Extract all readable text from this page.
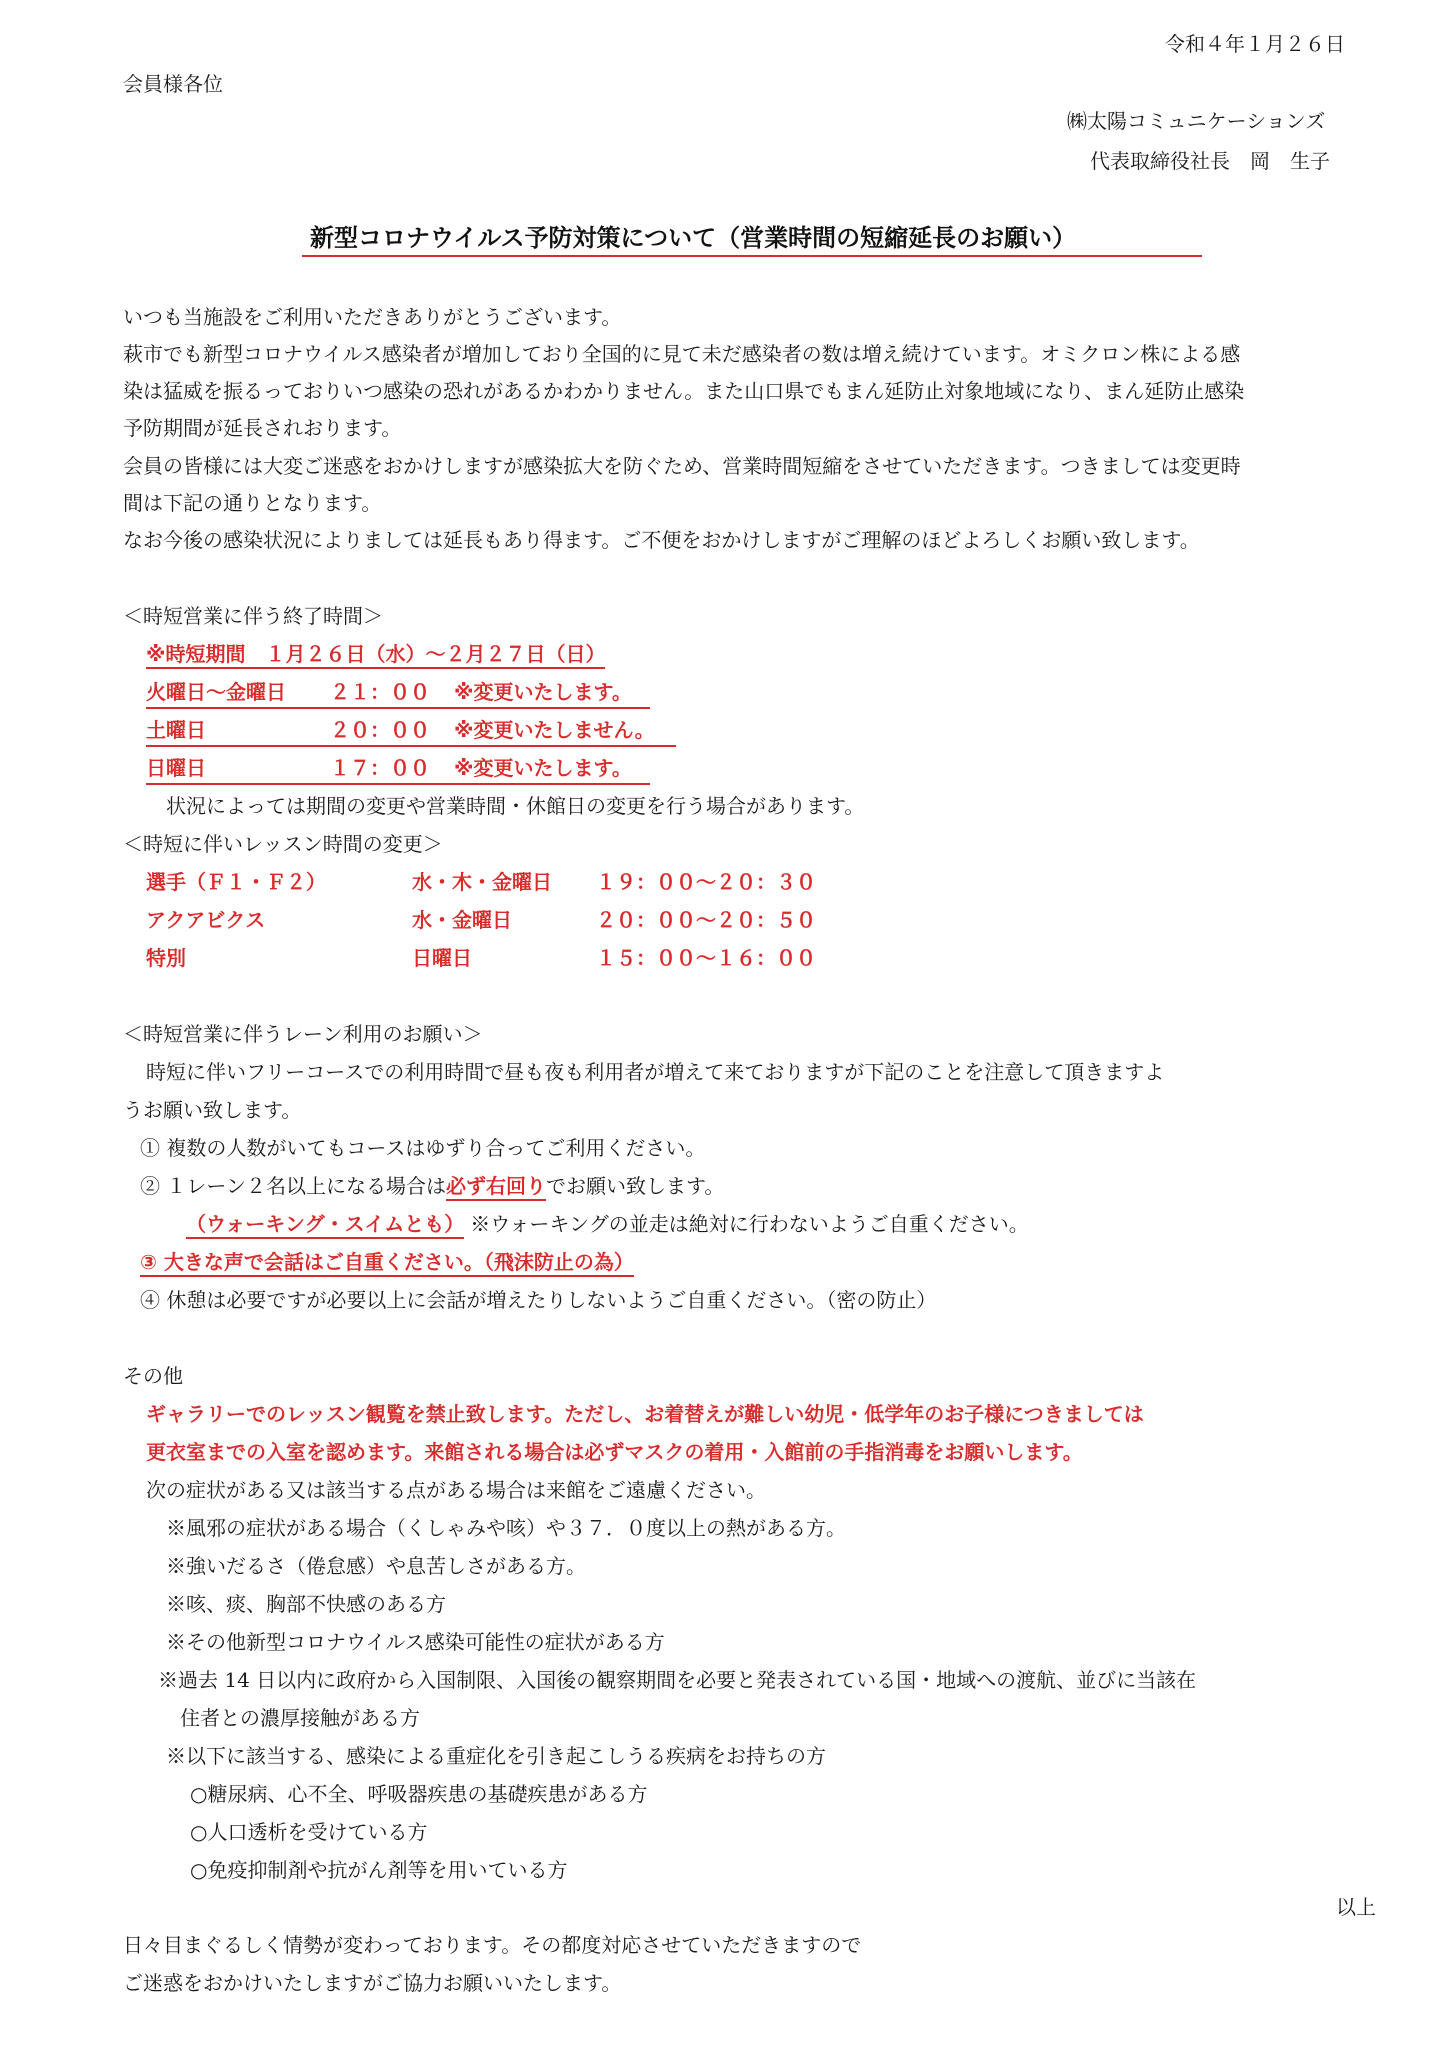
令和４年１月２６日
会員様各位
㈱太陽コミュニケーションズ
代表取締役社長　岡　生子
新型コロナウイルス予防対策について（営業時間の短縮延長のお願い）
いつも当施設をご利用いただきありがとうございます。
萩市でも新型コロナウイルス感染者が増加しており全国的に見て未だ感染者の数は増え続けています。オミクロン株による感
染は猛威を振るっておりいつ感染の恐れがあるかわかりません。また山口県でもまん延防止対象地域になり、まん延防止感染
予防期間が延長されおります。
会員の皆様には大変ご迷惑をおかけしますが感染拡大を防ぐため、営業時間短縮をさせていただきます。つきましては変更時
間は下記の通りとなります。
なお今後の感染状況によりましては延長もあり得ます。ご不便をおかけしますがご理解のほどよろしくお願い致します。
＜時短営業に伴う終了時間＞
※時短期間　１月２６日（水）～２月２７日（日）
火曜日～金曜日 ２１：００ ※変更いたします。
土曜日	２０：００ ※変更いたしません。
日曜日	１７：００ ※変更いたします。
状況によっては期間の変更や営業時間・休館日の変更を行う場合があります。
＜時短に伴いレッスン時間の変更＞
選手（Ｆ１・Ｆ２）	水・木・金曜日 １９：００～２０：３０
アクアビクス	水・金曜日	２０：００～２０：５０
特別	日曜日	１５：００～１６：００
＜時短営業に伴うレーン利用のお願い＞
時短に伴いフリーコースでの利用時間で昼も夜も利用者が増えて来ておりますが下記のことを注意して頂きますよ
うお願い致します。
① 複数の人数がいてもコースはゆずり合ってご利用ください。
② １レーン２名以上になる場合は必ず右回りでお願い致します。
（ウォーキング・スイムとも） ※ウォーキングの並走は絶対に行わないようご自重ください。
③ 大きな声で会話はご自重ください。（飛沫防止の為）
④ 休憩は必要ですが必要以上に会話が増えたりしないようご自重ください。（密の防止）
その他
ギャラリーでのレッスン観覧を禁止致します。ただし、お着替えが難しい幼児・低学年のお子様につきましては
更衣室までの入室を認めます。来館される場合は必ずマスクの着用・入館前の手指消毒をお願いします。
次の症状がある又は該当する点がある場合は来館をご遠慮ください。
※風邪の症状がある場合（くしゃみや咳）や３７．０度以上の熱がある方。
※強いだるさ（倦怠感）や息苦しさがある方。
※咳、痰、胸部不快感のある方
※その他新型コロナウイルス感染可能性の症状がある方
※過去 14 日以内に政府から入国制限、入国後の観察期間を必要と発表されている国・地域への渡航、並びに当該在
住者との濃厚接触がある方
※以下に該当する、感染による重症化を引き起こしうる疾病をお持ちの方
○糖尿病、心不全、呼吸器疾患の基礎疾患がある方
○人口透析を受けている方
○免疫抑制剤や抗がん剤等を用いている方
以上
日々目まぐるしく情勢が変わっております。その都度対応させていただきますので
ご迷惑をおかけいたしますがご協力お願いいたします。
